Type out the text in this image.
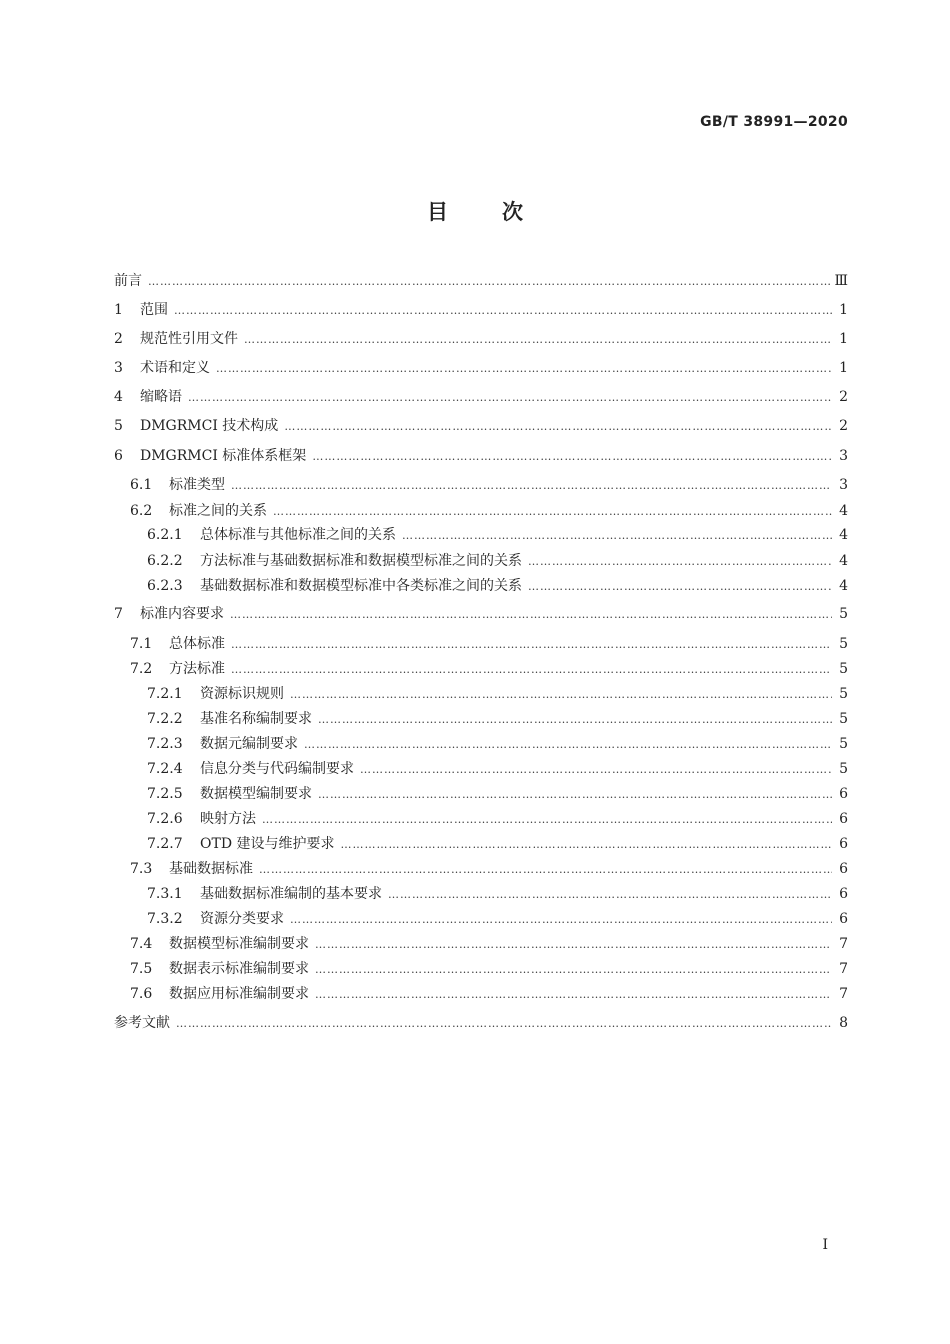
GB/T 38991—2020
目	次
前言 ………………………………………………………………………………………………………………………………………………………………………………………………	Ⅲ
1	范围 ………………………………………………………………………………………………………………………………………………………………………………………………	1
2	规范性引用文件 ………………………………………………………………………………………………………………………………………………………………………………………………	1
3	术语和定义 ………………………………………………………………………………………………………………………………………………………………………………………………	1
4	缩略语 ………………………………………………………………………………………………………………………………………………………………………………………………	2
5	DMGRMCI 技术构成 ………………………………………………………………………………………………………………………………………………………………………………………………	2
6	DMGRMCI 标准体系框架 ………………………………………………………………………………………………………………………………………………………………………………………………	3
6.1	标准类型 ………………………………………………………………………………………………………………………………………………………………………………………………	3
6.2	标准之间的关系 ………………………………………………………………………………………………………………………………………………………………………………………………	4
6.2.1	总体标准与其他标准之间的关系 ………………………………………………………………………………………………………………………………………………………………………………………………	4
6.2.2	方法标准与基础数据标准和数据模型标准之间的关系 ………………………………………………………………………………………………………………………………………………………………………………………………	4
6.2.3	基础数据标准和数据模型标准中各类标准之间的关系 ………………………………………………………………………………………………………………………………………………………………………………………………	4
7	标准内容要求 ………………………………………………………………………………………………………………………………………………………………………………………………	5
7.1	总体标准 ………………………………………………………………………………………………………………………………………………………………………………………………	5
7.2	方法标准 ………………………………………………………………………………………………………………………………………………………………………………………………	5
7.2.1	资源标识规则 ………………………………………………………………………………………………………………………………………………………………………………………………	5
7.2.2	基准名称编制要求 ………………………………………………………………………………………………………………………………………………………………………………………………	5
7.2.3	数据元编制要求 ………………………………………………………………………………………………………………………………………………………………………………………………	5
7.2.4	信息分类与代码编制要求 ………………………………………………………………………………………………………………………………………………………………………………………………	5
7.2.5	数据模型编制要求 ………………………………………………………………………………………………………………………………………………………………………………………………	6
7.2.6	映射方法 ………………………………………………………………………………………………………………………………………………………………………………………………	6
7.2.7	OTD 建设与维护要求 ………………………………………………………………………………………………………………………………………………………………………………………………	6
7.3	基础数据标准 ………………………………………………………………………………………………………………………………………………………………………………………………	6
7.3.1	基础数据标准编制的基本要求 ………………………………………………………………………………………………………………………………………………………………………………………………	6
7.3.2	资源分类要求 ………………………………………………………………………………………………………………………………………………………………………………………………	6
7.4	数据模型标准编制要求 ………………………………………………………………………………………………………………………………………………………………………………………………	7
7.5	数据表示标准编制要求 ………………………………………………………………………………………………………………………………………………………………………………………………	7
7.6	数据应用标准编制要求 ………………………………………………………………………………………………………………………………………………………………………………………………	7
参考文献 ………………………………………………………………………………………………………………………………………………………………………………………………	8
I
